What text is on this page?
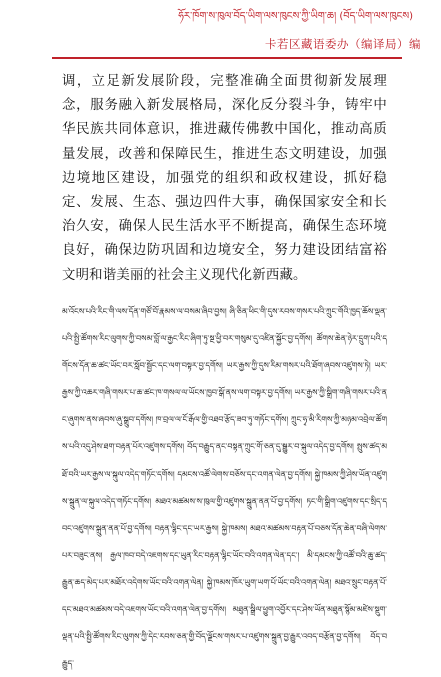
ཧོར་ཁོག་ས་ཁུལ་བོད་ཡིག་ལས་ཁུངས་ཀྱི་ཡིག་ཆ། (བོད་ཡིག་ལས་ཁུངས)
卡若区藏语委办（编译局）编
调，立足新发展阶段，完整准确全面贯彻新发展理念，服务融入新发展格局，深化反分裂斗争，铸牢中华民族共同体意识，推进藏传佛教中国化，推动高质量发展，改善和保障民生，推进生态文明建设，加强边境地区建设，加强党的组织和政权建设，抓好稳定、发展、生态、强边四件大事，确保国家安全和长治久安，确保人民生活水平不断提高，确保生态环境良好，确保边防巩固和边境安全，努力建设团结富裕文明和谐美丽的社会主义现代化新西藏。
མ་འོངས་པའི་རིང་གི་ལས་དོན་གཙོ་བོ་རྣམས་ལ་བསམ་ཞིབ་བྱས། ཞི་ཅིན་ཕིང་གི་དུས་རབས་གསར་པའི་ཀྲུང་གོའི་ཁྱད་ཆོས་ལྡན་པའི་སྤྱི་ཚོགས་རིང་ལུགས་ཀྱི་བསམ་བློ་ལ་རྒྱང་རིང་ཞིག་ཏུ་སྔ་ཕྱི་བར་གསུམ་དུ་འཛིན་སྐྱོང་བྱ་དགོས། ཚོགས་ཆེན་ཉེར་དྲུག་པའི་དགོངས་དོན་ཆ་ཚང་ཡོང་བར་སློབ་སྦྱོང་དང་ལག་བསྟར་བྱ་དགོས། ཡར་རྒྱས་ཀྱི་དུས་རིམ་གསར་པའི་ཐོག་ཞབས་འཛུགས་ཏེ། ཡར་རྒྱས་ཀྱི་འཆར་གཞི་གསར་པ་ཆ་ཚང་ཁ་གསལ་ལ་ཡོངས་ཁྱབ་སྒོ་ནས་ལག་བསྟར་བྱ་དགོས། ཡར་རྒྱས་ཀྱི་སྒྲིག་གཞི་གསར་པའི་ནང་ཞུགས་ནས་ཞབས་ཞུ་སྒྲུབ་དགོས། ཁ་བྲལ་ལ་ངོ་རྒོལ་གྱི་འཐབ་རྩོད་ཟབ་ཏུ་གཏོང་དགོས། ཀྲུང་ཧྭ་མི་རིགས་ཀྱི་མཉམ་འབྲེལ་ཚོགས་པའི་འདུ་ཤེས་ཐག་བརྟན་པོར་འཛུགས་དགོས། བོད་བརྒྱུད་ནང་བསྟན་ཀྲུང་གོ་ཅན་དུ་སྒྱུར་བ་སྐུལ་འདེད་བྱ་དགོས། སྤུས་ཚད་མཐོ་བའི་ཡར་རྒྱས་ལ་སྐུལ་འདེད་གཏོང་དགོས། དམངས་འཚོ་ལེགས་བཅོས་དང་འགན་ལེན་བྱ་དགོས། སྐྱེ་ཁམས་ཀྱི་ཤེས་ཡོན་འཛུགས་སྐྲུན་ལ་སྐུལ་འདེད་གཏོང་དགོས། མཐའ་མཚམས་ས་ཁུལ་གྱི་འཛུགས་སྐྲུན་ནན་པོ་བྱ་དགོས། ཏང་གི་སྒྲིག་འཛུགས་དང་སྲིད་དབང་འཛུགས་སྐྲུན་ནན་པོ་བྱ་དགོས། བརྟན་ལྷིང་དང་ཡར་རྒྱས། སྐྱེ་ཁམས། མཐའ་མཚམས་བརྟན་པོ་བཅས་དོན་ཆེན་བཞི་ལེགས་པར་བཟུང་ནས། རྒྱལ་ཁབ་བདེ་འཇགས་དང་ཡུན་རིང་བརྟན་ལྷིང་ཡོང་བའི་འགན་ལེན་དང་། མི་དམངས་ཀྱི་འཚོ་བའི་ཆུ་ཚད་རྒྱུན་ཆད་མེད་པར་མཐོར་འདེགས་ཡོང་བའི་འགན་ལེན། སྐྱེ་ཁམས་ཁོར་ཡུག་ཡག་པོ་ཡོང་བའི་འགན་ལེན། མཐའ་སྲུང་བརྟན་པོ་དང་མཐའ་མཚམས་བདེ་འཇགས་ཡོང་བའི་འགན་ལེན་བྱ་དགོས། མཐུན་སྒྲིལ་ཕྱུག་འབྱོར་དང་ཤེས་ཡོན་མཐུན་སྙོམ་མཛེས་སྡུག་ལྡན་པའི་སྤྱི་ཚོགས་རིང་ལུགས་ཀྱི་དེང་རབས་ཅན་གྱི་བོད་ལྗོངས་གསར་པ་འཛུགས་སྐྲུན་བྱ་རྒྱུར་འབད་བརྩོན་བྱ་དགོས། བོད་བརྒྱུད་
